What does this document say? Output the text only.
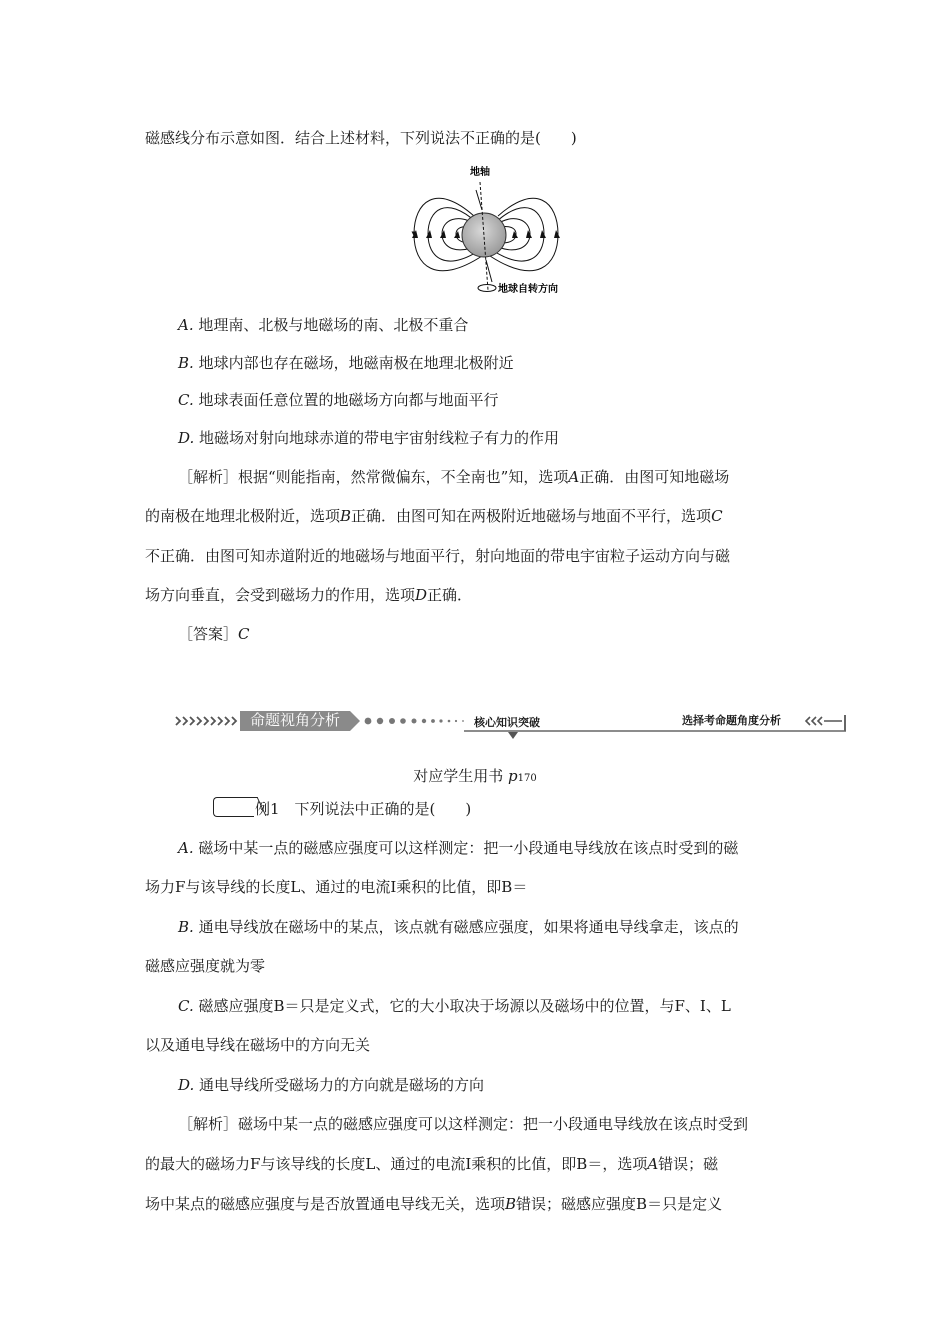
磁感线分布示意如图．结合上述材料，下列说法不正确的是(　　)
地轴
地球自转方向
A. 地理南、北极与地磁场的南、北极不重合
B. 地球内部也存在磁场，地磁南极在地理北极附近
C. 地球表面任意位置的地磁场方向都与地面平行
D. 地磁场对射向地球赤道的带电宇宙射线粒子有力的作用
［解析］根据“则能指南，然常微偏东，不全南也”知，选项A正确．由图可知地磁场
的南极在地理北极附近，选项B正确．由图可知在两极附近地磁场与地面不平行，选项C
不正确．由图可知赤道附近的地磁场与地面平行，射向地面的带电宇宙粒子运动方向与磁
场方向垂直，会受到磁场力的作用，选项D正确．
［答案］C
命题视角分析	核心知识突破	选择考命题角度分析
对应学生用书 p170
例1　下列说法中正确的是(　　)
A. 磁场中某一点的磁感应强度可以这样测定：把一小段通电导线放在该点时受到的磁
场力F与该导线的长度L、通过的电流I乘积的比值，即B＝
B. 通电导线放在磁场中的某点，该点就有磁感应强度，如果将通电导线拿走，该点的
磁感应强度就为零
C. 磁感应强度B＝只是定义式，它的大小取决于场源以及磁场中的位置，与F、I、L
以及通电导线在磁场中的方向无关
D. 通电导线所受磁场力的方向就是磁场的方向
［解析］磁场中某一点的磁感应强度可以这样测定：把一小段通电导线放在该点时受到
的最大的磁场力F与该导线的长度L、通过的电流I乘积的比值，即B＝，选项A错误；磁
场中某点的磁感应强度与是否放置通电导线无关，选项B错误；磁感应强度B＝只是定义
